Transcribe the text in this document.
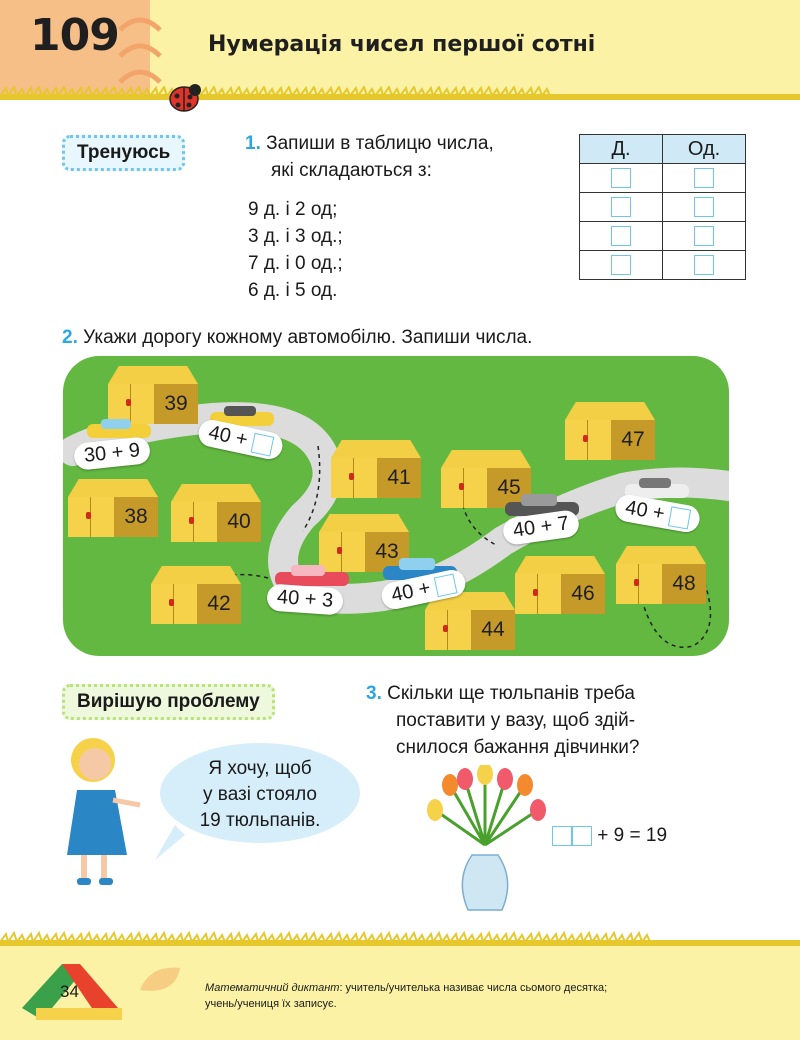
109	Нумерація чисел першої сотні
Тренуюсь	1. Запиши в таблицю числа,
які складаються з:
9 д. і 2 од;
3 д. і 3 од.;
7 д. і 0 од.;
6 д. і 5 од.
Д.	Од.

2. Укажи дорогу кожному автомобілю. Запиши числа.
39
38	40
41	45
43
42
47
46	48
44
30 + 9
40 +
40 + 3	40 +
40 + 7
40 +
Вирішую проблему	3. Скільки ще тюльпанів треба
поставити у вазу, щоб здій-
снилося бажання дівчинки?
Я хочу, щоб
у вазі стояло
19 тюльпанів.
+ 9 = 19
34	Математичний диктант: учитель/учителька називає числа сьомого десятка;
учень/учениця їх записує.
